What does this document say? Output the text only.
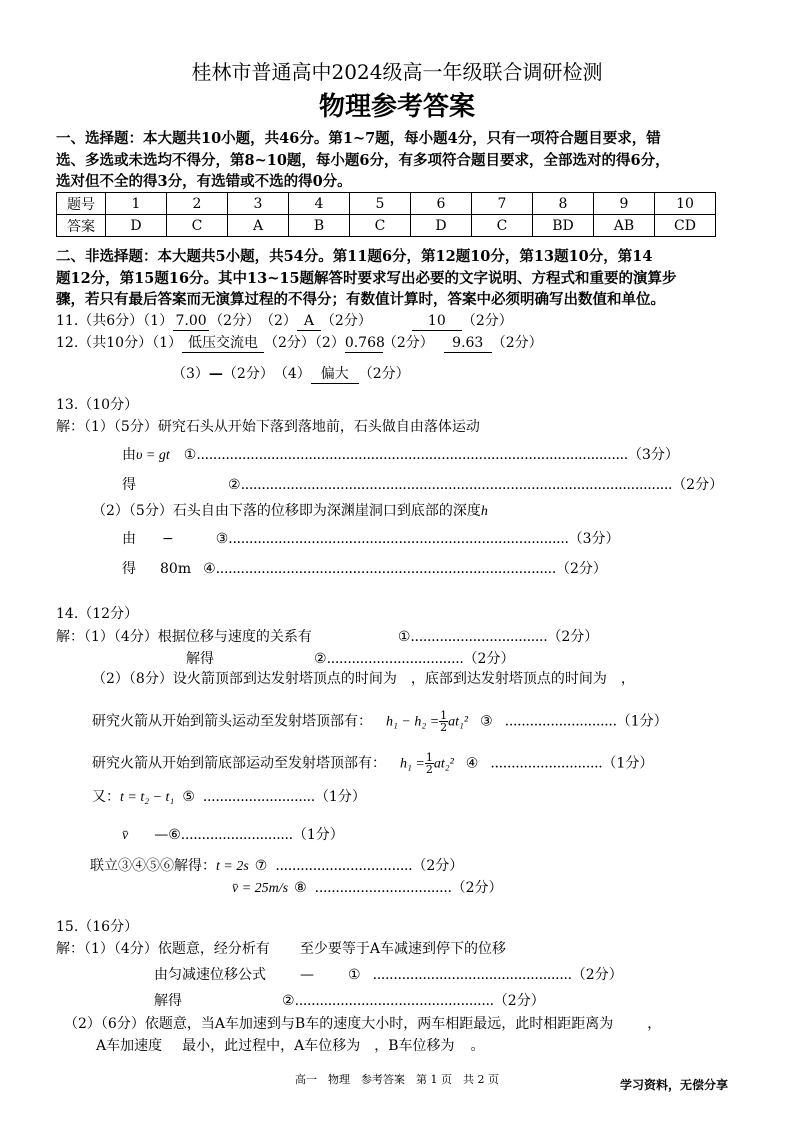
桂林市普通高中2024级高一年级联合调研检测
物理参考答案
一、选择题：本大题共10小题，共46分。第1~7题，每小题4分，只有一项符合题目要求，错
选、多选或未选均不得分，第8~10题，每小题6分，有多项符合题目要求，全部选对的得6分，
选对但不全的得3分，有选错或不选的得0分。
题号	1	2	3	4	5	6	7	8	9	10
答案	D	C	A	B	C	D	C	BD	AB	CD
二、非选择题：本大题共5小题，共54分。第11题6分，第12题10分，第13题10分，第14
题12分，第15题16分。其中13~15题解答时要求写出必要的文字说明、方程式和重要的演算步
骤，若只有最后答案而无演算过程的不得分；有数值计算时，答案中必须明确写出数值和单位。
11.（共6分）（1） 7.00 （2分）　（2） A （2分）	10 （2分）
12.（共10分）（1） 低压交流电 （2分）（2）0.768（2分） 9.63 （2分）
（3）—（2分）　（4） 偏大 （2分）
13.（10分）
解：（1）（5分）研究石头从开始下落到落地前，石头做自由落体运动
由υ = gt ①........................................................................................................（3分）
得	②........................................................................................................（2分）
（2）（5分）石头自由下落的位移即为深渊崖洞口到底部的深度h
由 −	③..................................................................................（3分）
得 80m ④..................................................................................（2分）
14.（12分）
解：（1）（4分）根据位移与速度的关系有	①.................................（2分）
解得	②.................................（2分）
（2）（8分）设火箭顶部到达发射塔顶点的时间为 ，底部到达发射塔顶点的时间为 ，
研究火箭从开始到箭头运动至发射塔顶部有： $h_1 - h_2 = \frac{1}{2} at_1^2$ ③ ...........................（1分）
研究火箭从开始到箭底部运动至发射塔顶部有： $h_1 = \frac{1}{2} at_2^2$ ④ ...........................（1分）
又：t = t₂ − t₁ ⑤ ...........................（1分）
v̄ —⑥...........................（1分）
联立③④⑤⑥解得：t = 2s ⑦ .................................（2分）
v̄ = 25m/s ⑧ .................................（2分）
15.（16分）
解：（1）（4分）依题意，经分析有 至少要等于A车减速到停下的位移
由匀减速位移公式 — ① ................................................（2分）
解得	②................................................（2分）
（2）（6分）依题意，当A车加速到与B车的速度大小时，两车相距最远，此时相距距离为 ，
A车加速度 最小，此过程中，A车位移为 ，B车位移为 。
高一　物理　参考答案　第 1 页　共 2 页	学习资料，无偿分享
